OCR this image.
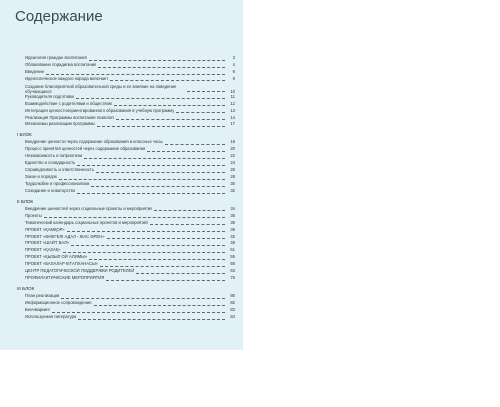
Содержание
Идеалогия граждан воспитания	3
Облакование порадигма воспитания	4
Введение	6
Идеологическое каждого народа включает	9
Создание благоприятной образовательной среды и ее влияние на поведение обучающихся	10
Руководителя подготовки	11
Взаимодействие с родителями и обществом	12
Интеграция ценностноориентированного образования в учебную программу	13
Реализация Программы воспитания позволит	14
Механизмы реализации программы	17
I БЛОК
Внедрение ценности через содержание образования и классные часы	18
Процесс принятия ценностей через содержание образования	20
Независимость и патриотизм	22
Единство и солидарность	24
Справедливость и ответственность	26
Закон и порядок	28
Трудолюбие и профессионализм	30
Созидание и новаторство	32
II БЛОК
Внедрение ценностей через социальные проекты и мероприятия	34
Проекты	35
Тематический календарь социальных проектов и мероприятий	36
ПРОЕКТ «ҚАМҚОР»	39
ПРОЕКТ «ӨНЕГЕЛІ АДАЛ - ЖАС ӨРЕН»	45
ПРОЕКТ «ШАЙТ БАЛ»	48
ПРОЕКТ «ҚАЗАҚ»	51
ПРОЕКТ «ҚЫЗЫЛ ОЙ АЛИМЫ»	55
ПРОЕКТ «БАЛАЛАР КІТАПХАНАСЫ»	59
ЦЕНТР ПЕДАГОГИЧЕСКОЙ ПОДДЕРЖКИ РОДИТЕЛЕЙ	63
ПРОФИЛАКТИЧЕСКИЕ МЕРОПРИЯТИЯ	75
III БЛОК
План реализации	80
Информационное сопровождение	82
Бенчмаркинг	83
Используемая литература	84
